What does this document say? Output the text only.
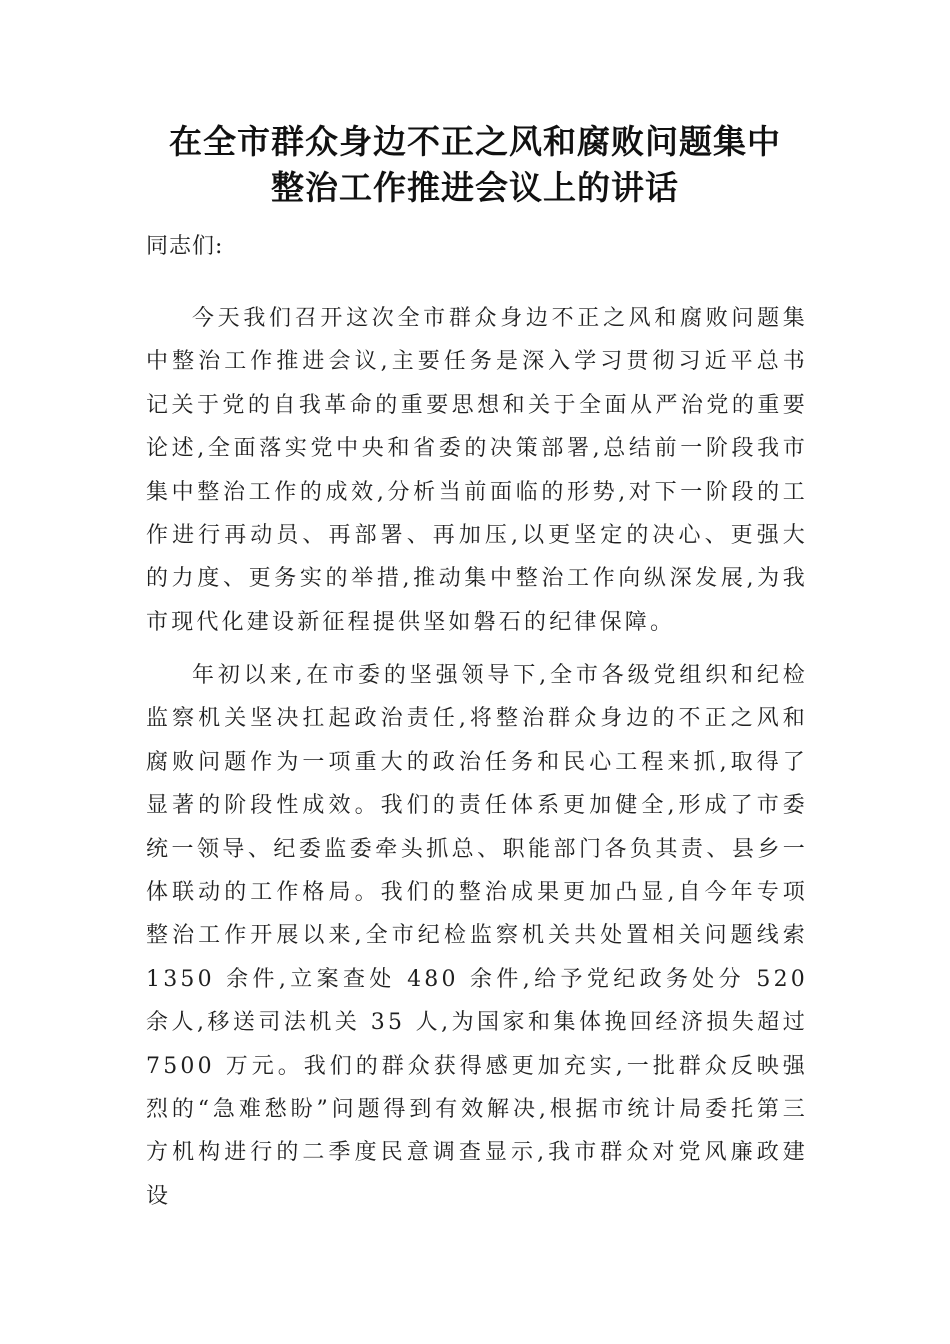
在全市群众身边不正之风和腐败问题集中
整治工作推进会议上的讲话
同志们:
今天我们召开这次全市群众身边不正之风和腐败问题集中整治工作推进会议,主要任务是深入学习贯彻习近平总书记关于党的自我革命的重要思想和关于全面从严治党的重要论述,全面落实党中央和省委的决策部署,总结前一阶段我市集中整治工作的成效,分析当前面临的形势,对下一阶段的工作进行再动员、再部署、再加压,以更坚定的决心、更强大的力度、更务实的举措,推动集中整治工作向纵深发展,为我市现代化建设新征程提供坚如磐石的纪律保障。
年初以来,在市委的坚强领导下,全市各级党组织和纪检监察机关坚决扛起政治责任,将整治群众身边的不正之风和腐败问题作为一项重大的政治任务和民心工程来抓,取得了显著的阶段性成效。我们的责任体系更加健全,形成了市委统一领导、纪委监委牵头抓总、职能部门各负其责、县乡一体联动的工作格局。我们的整治成果更加凸显,自今年专项整治工作开展以来,全市纪检监察机关共处置相关问题线索 1350 余件,立案查处 480 余件,给予党纪政务处分 520 余人,移送司法机关 35 人,为国家和集体挽回经济损失超过 7500 万元。我们的群众获得感更加充实,一批群众反映强烈的“急难愁盼”问题得到有效解决,根据市统计局委托第三方机构进行的二季度民意调查显示,我市群众对党风廉政建设
